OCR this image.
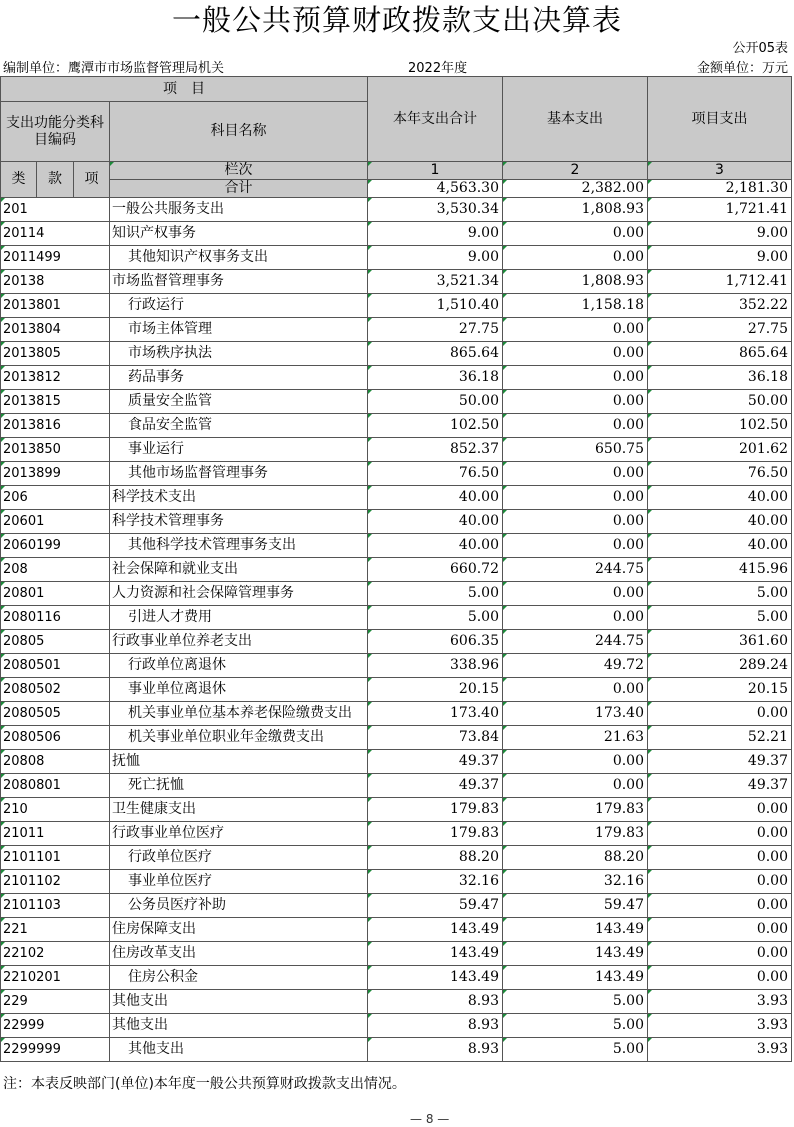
一般公共预算财政拨款支出决算表
公开05表
编制单位：鹰潭市市场监督管理局机关	2022年度	金额单位：万元
项　目				本年支出合计	基本支出	项目支出
支出功能分类科目编码			科目名称			

类	款	项	栏次	1	2	3
			合计	4,563.30	2,382.00	2,181.30
201			一般公共服务支出	3,530.34	1,808.93	1,721.41
20114			知识产权事务	9.00	0.00	9.00
2011499			其他知识产权事务支出	9.00	0.00	9.00
20138			市场监督管理事务	3,521.34	1,808.93	1,712.41
2013801			行政运行	1,510.40	1,158.18	352.22
2013804			市场主体管理	27.75	0.00	27.75
2013805			市场秩序执法	865.64	0.00	865.64
2013812			药品事务	36.18	0.00	36.18
2013815			质量安全监管	50.00	0.00	50.00
2013816			食品安全监管	102.50	0.00	102.50
2013850			事业运行	852.37	650.75	201.62
2013899			其他市场监督管理事务	76.50	0.00	76.50
206			科学技术支出	40.00	0.00	40.00
20601			科学技术管理事务	40.00	0.00	40.00
2060199			其他科学技术管理事务支出	40.00	0.00	40.00
208			社会保障和就业支出	660.72	244.75	415.96
20801			人力资源和社会保障管理事务	5.00	0.00	5.00
2080116			引进人才费用	5.00	0.00	5.00
20805			行政事业单位养老支出	606.35	244.75	361.60
2080501			行政单位离退休	338.96	49.72	289.24
2080502			事业单位离退休	20.15	0.00	20.15
2080505			机关事业单位基本养老保险缴费支出	173.40	173.40	0.00
2080506			机关事业单位职业年金缴费支出	73.84	21.63	52.21
20808			抚恤	49.37	0.00	49.37
2080801			死亡抚恤	49.37	0.00	49.37
210			卫生健康支出	179.83	179.83	0.00
21011			行政事业单位医疗	179.83	179.83	0.00
2101101			行政单位医疗	88.20	88.20	0.00
2101102			事业单位医疗	32.16	32.16	0.00
2101103			公务员医疗补助	59.47	59.47	0.00
221			住房保障支出	143.49	143.49	0.00
22102			住房改革支出	143.49	143.49	0.00
2210201			住房公积金	143.49	143.49	0.00
229			其他支出	8.93	5.00	3.93
22999			其他支出	8.93	5.00	3.93
2299999			其他支出	8.93	5.00	3.93
注：本表反映部门(单位)本年度一般公共预算财政拨款支出情况。
— 8 —
